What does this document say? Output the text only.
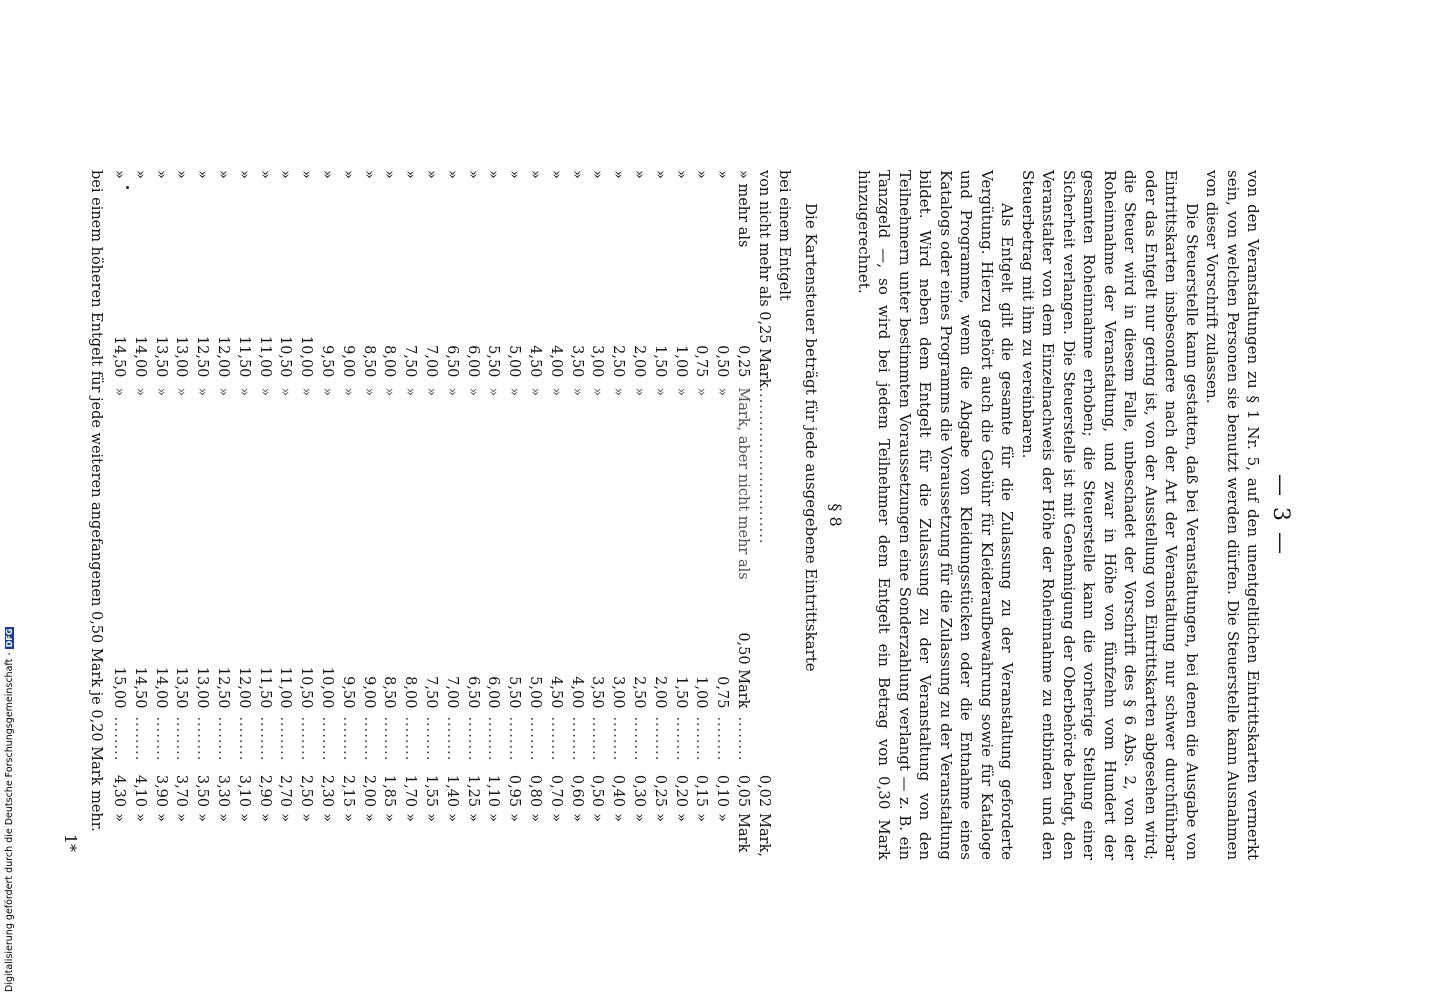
— 3 —

von den Veranstaltungen zu § 1 Nr. 5, auf den unentgeltlichen Eintrittskarten vermerkt sein, von welchen Personen sie benutzt werden dürfen. Die Steuerstelle kann Ausnahmen von dieser Vorschrift zulassen.

Die Steuerstelle kann gestatten, daß bei Veranstaltungen, bei denen die Ausgabe von Eintrittskarten insbesondere nach der Art der Veranstaltung nur schwer durchführbar oder das Entgelt nur gering ist, von der Ausstellung von Eintrittskarten abgesehen wird; die Steuer wird in diesem Falle, unbeschadet der Vorschrift des § 6 Abs. 2, von der Roheinnahme der Veranstaltung, und zwar in Höhe von fünfzehn vom Hundert der gesamten Roheinnahme erhoben; die Steuerstelle kann die vorherige Stellung einer Sicherheit verlangen. Die Steuerstelle ist mit Genehmigung der Oberbehörde befugt, den Veranstalter von dem Einzelnachweis der Höhe der Roheinnahme zu entbinden und den Steuerbetrag mit ihm zu vereinbaren.

Als Entgelt gilt die gesamte für die Zulassung zu der Veranstaltung geforderte Vergütung. Hierzu gehört auch die Gebühr für Kleideraufbewahrung sowie für Kataloge und Programme, wenn die Abgabe von Kleidungsstücken oder die Entnahme eines Katalogs oder eines Programms die Voraussetzung für die Zulassung zu der Veranstaltung bildet. Wird neben dem Entgelt für die Zulassung zu der Veranstaltung von den Teilnehmern unter bestimmten Voraussetzungen eine Sonderzahlung verlangt — z. B. ein Tanzgeld —, so wird bei jedem Teilnehmer dem Entgelt ein Betrag von 0,30 Mark hinzugerechnet.

§ 8
Die Kartensteuer beträgt für jede ausgegebene Eintrittskarte
bei einem Entgelt						
von nicht mehr als 0,25 Mark		............................			0,02	Mark,
» mehr als	0,25	Mark, aber nicht mehr als	0,50 Mark	........	0,05	Mark
»	0,50	»	0,75	........	0,10	»
»	0,75	»	1,00	........	0,15	»
»	1,00	»	1,50	........	0,20	»
»	1,50	»	2,00	........	0,25	»
»	2,00	»	2,50	........	0,30	»
»	2,50	»	3,00	........	0,40	»
»	3,00	»	3,50	........	0,50	»
»	3,50	»	4,00	........	0,60	»
»	4,00	»	4,50	........	0,70	»
»	4,50	»	5,00	........	0,80	»
»	5,00	»	5,50	........	0,95	»
»	5,50	»	6,00	........	1,10	»
»	6,00	»	6,50	........	1,25	»
»	6,50	»	7,00	........	1,40	»
»	7,00	»	7,50	........	1,55	»
»	7,50	»	8,00	........	1,70	»
»	8,00	»	8,50	........	1,85	»
»	8,50	»	9,00	........	2,00	»
»	9,00	»	9,50	........	2,15	»
»	9,50	»	10,00	........	2,30	»
»	10,00	»	10,50	........	2,50	»
»	10,50	»	11,00	........	2,70	»
»	11,00	»	11,50	........	2,90	»
»	11,50	»	12,00	........	3,10	»
»	12,00	»	12,50	........	3,30	»
»	12,50	»	13,00	........	3,50	»
»	13,00	»	13,50	........	3,70	»
»	13,50	»	14,00	........	3,90	»
»	14,00	»	14,50	........	4,10	»
»	14,50	»	15,00	........	4,30	»
bei einem höheren Entgelt für jede weiteren angefangenen 0,50 Mark je 0,20 Mark mehr.
1*
Digitalisierung gefördert durch die Deutsche Forschungsgemeinschaft -DFG
